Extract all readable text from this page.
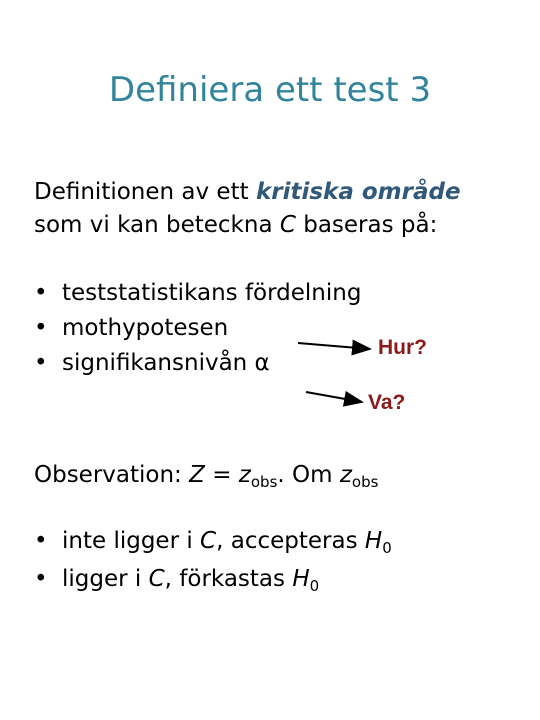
Definiera ett test 3
Definitionen av ett kritiska område
som vi kan beteckna C baseras på:
• teststatistikans fördelning
• mothypotesen
• signifikansnivån α
Hur?
Va?
Observation: $Z = z_{obs}$. Om $z_{obs}$
• inte ligger i C, accepteras $H_0$
• ligger i C, förkastas $H_0$
